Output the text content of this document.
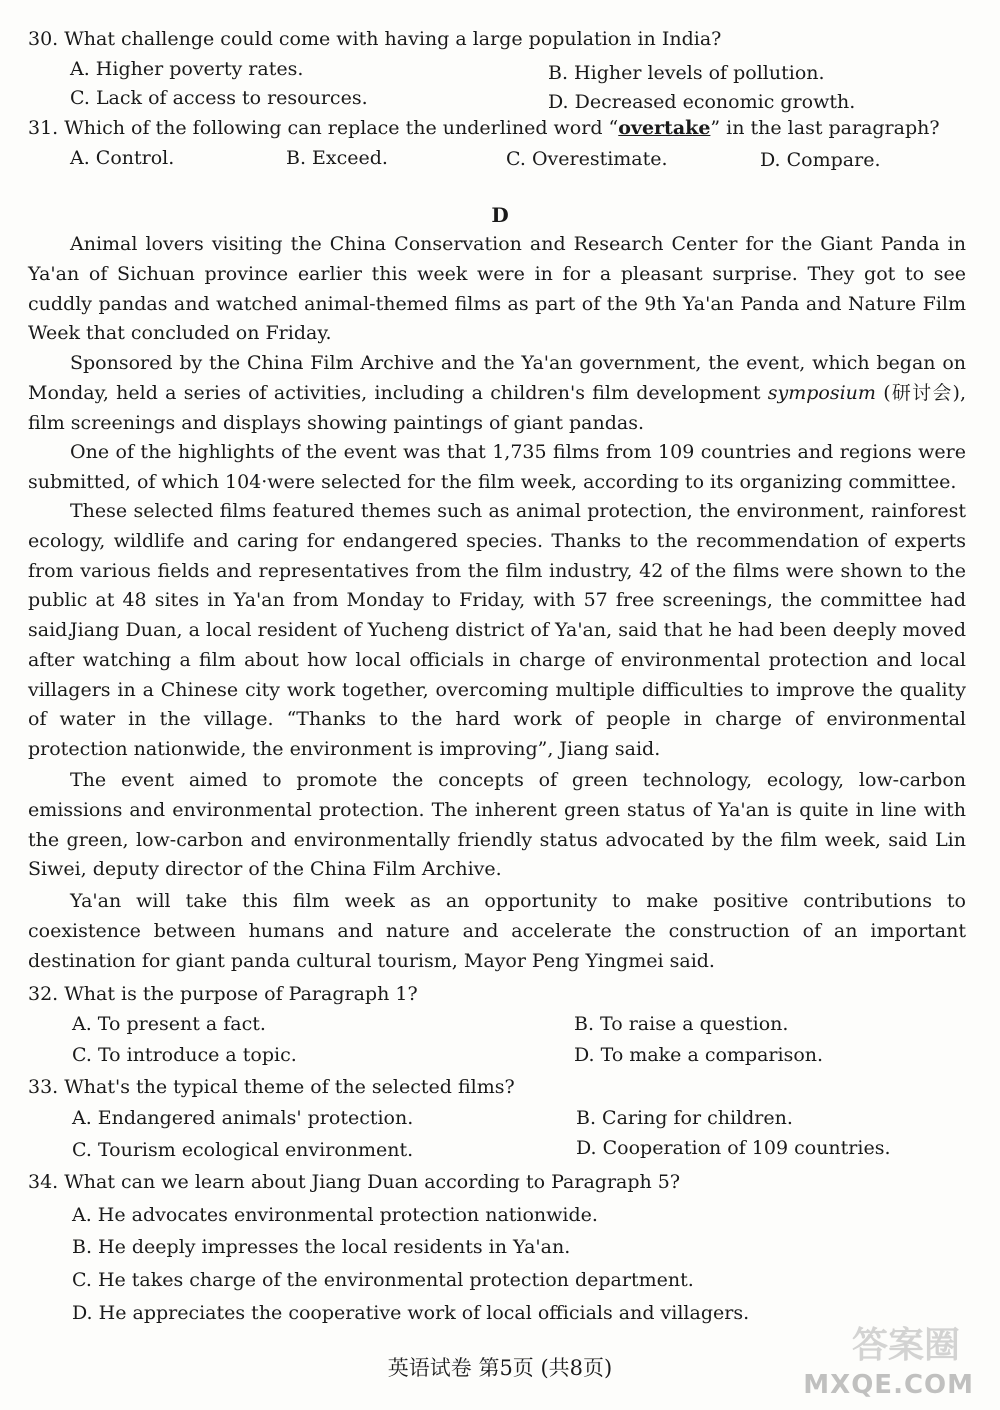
30. What challenge could come with having a large population in India?
A. Higher poverty rates.	B. Higher levels of pollution.
C. Lack of access to resources.	D. Decreased economic growth.
31. Which of the following can replace the underlined word “overtake” in the last paragraph?
A. Control.	B. Exceed.	C. Overestimate.	D. Compare.
D
Animal lovers visiting the China Conservation and Research Center for the Giant Panda in Ya'an of Sichuan province earlier this week were in for a pleasant surprise. They got to see cuddly pandas and watched animal-themed films as part of the 9th Ya'an Panda and Nature Film Week that concluded on Friday.
Sponsored by the China Film Archive and the Ya'an government, the event, which began on Monday, held a series of activities, including a children's film development symposium (研讨会), film screenings and displays showing paintings of giant pandas.
One of the highlights of the event was that 1,735 films from 109 countries and regions were submitted, of which 104·were selected for the film week, according to its organizing committee.
These selected films featured themes such as animal protection, the environment, rainforest ecology, wildlife and caring for endangered species. Thanks to the recommendation of experts from various fields and representatives from the film industry, 42 of the films were shown to the public at 48 sites in Ya'an from Monday to Friday, with 57 free screenings, the committee had said.
Jiang Duan, a local resident of Yucheng district of Ya'an, said that he had been deeply moved after watching a film about how local officials in charge of environmental protection and local villagers in a Chinese city work together, overcoming multiple difficulties to improve the quality of water in the village. “Thanks to the hard work of people in charge of environmental protection nationwide, the environment is improving”, Jiang said.
The event aimed to promote the concepts of green technology, ecology, low-carbon emissions and environmental protection. The inherent green status of Ya'an is quite in line with the green, low-carbon and environmentally friendly status advocated by the film week, said Lin Siwei, deputy director of the China Film Archive.
Ya'an will take this film week as an opportunity to make positive contributions to coexistence between humans and nature and accelerate the construction of an important destination for giant panda cultural tourism, Mayor Peng Yingmei said.
32. What is the purpose of Paragraph 1?
A. To present a fact.	B. To raise a question.
C. To introduce a topic.	D. To make a comparison.
33. What's the typical theme of the selected films?
A. Endangered animals' protection.	B. Caring for children.
C. Tourism ecological environment.	D. Cooperation of 109 countries.
34. What can we learn about Jiang Duan according to Paragraph 5?
A. He advocates environmental protection nationwide.
B. He deeply impresses the local residents in Ya'an.
C. He takes charge of the environmental protection department.
D. He appreciates the cooperative work of local officials and villagers.
英语试卷 第5页 (共8页)
答案圈
MXQE.COM
